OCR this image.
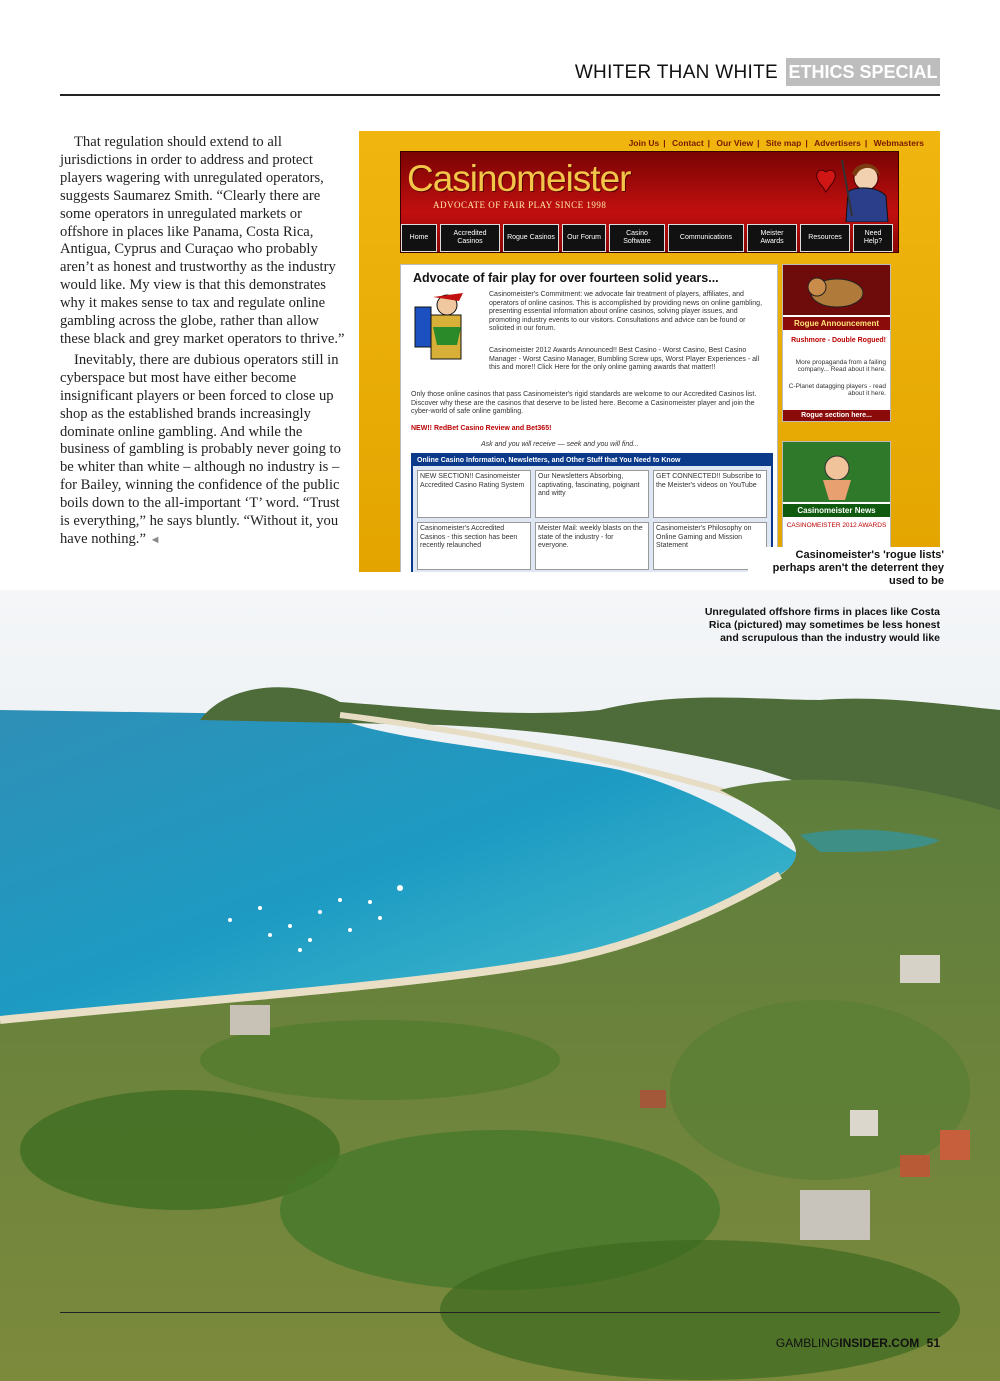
WHITER THAN WHITE ETHICS SPECIAL

That regulation should extend to all jurisdictions in order to address and protect players wagering with unregulated operators, suggests Saumarez Smith. “Clearly there are some operators in unregulated markets or offshore in places like Panama, Costa Rica, Antigua, Cyprus and Curaçao who probably aren’t as honest and trustworthy as the industry would like. My view is that this demonstrates why it makes sense to tax and regulate online gambling across the globe, rather than allow these black and grey market operators to thrive.”

Inevitably, there are dubious operators still in cyberspace but most have either become insignificant players or been forced to close up shop as the established brands increasingly dominate online gambling. And while the business of gambling is probably never going to be whiter than white – although no industry is – for Bailey, winning the confidence of the public boils down to the all-important ‘T’ word. “Trust is everything,” he says bluntly. “Without it, you have nothing.” ◄

Join Us | Contact | Our View | Site map | Advertisers | Webmasters
Casinomeister
ADVOCATE OF FAIR PLAY SINCE 1998
Home
Accredited Casinos
Rogue Casinos	Our Forum
Casino Software
Communications
Meister Awards
Resources
Need Help?
Advocate of fair play for over fourteen solid years...
Casinomeister's Commitment: we advocate fair treatment of players, affiliates, and operators of online casinos. This is accomplished by providing news on online gambling, presenting essential information about online casinos, solving player issues, and promoting industry events to our visitors. Consultations and advice can be found or solicited in our forum.
Casinomeister 2012 Awards Announced!! Best Casino - Worst Casino, Best Casino Manager - Worst Casino Manager, Bumbling Screw ups, Worst Player Experiences - all this and more!! Click Here for the only online gaming awards that matter!!
Only those online casinos that pass Casinomeister's rigid standards are welcome to our Accredited Casinos list. Discover why these are the casinos that deserve to be listed here. Become a Casinomeister player and join the cyber-world of safe online gambling.
NEW!! RedBet Casino Review and Bet365!
Ask and you will receive — seek and you will find...
Online Casino Information, Newsletters, and Other Stuff that You Need to Know
NEW SECTION!! Casinomeister Accredited Casino Rating System
Our Newsletters Absorbing, captivating, fascinating, poignant and witty
GET CONNECTED!! Subscribe to the Meister's videos on YouTube
Casinomeister's Accredited Casinos - this section has been recently relaunched
Meister Mail: weekly blasts on the state of the industry - for everyone.
Casinomeister's Philosophy on Online Gaming and Mission Statement
Rogue Announcement
Rushmore - Double Rogued!
More propaganda from a failing company... Read about it here.
C-Planet datagging players - read about it here.
Rogue section here...
Casinomeister News
CASINOMEISTER 2012 AWARDS
Casinomeister's 'rogue lists' perhaps aren't the deterrent they used to be
Unregulated offshore firms in places like Costa Rica (pictured) may sometimes be less honest and scrupulous than the industry would like
GAMBLINGINSIDER.COM 51
